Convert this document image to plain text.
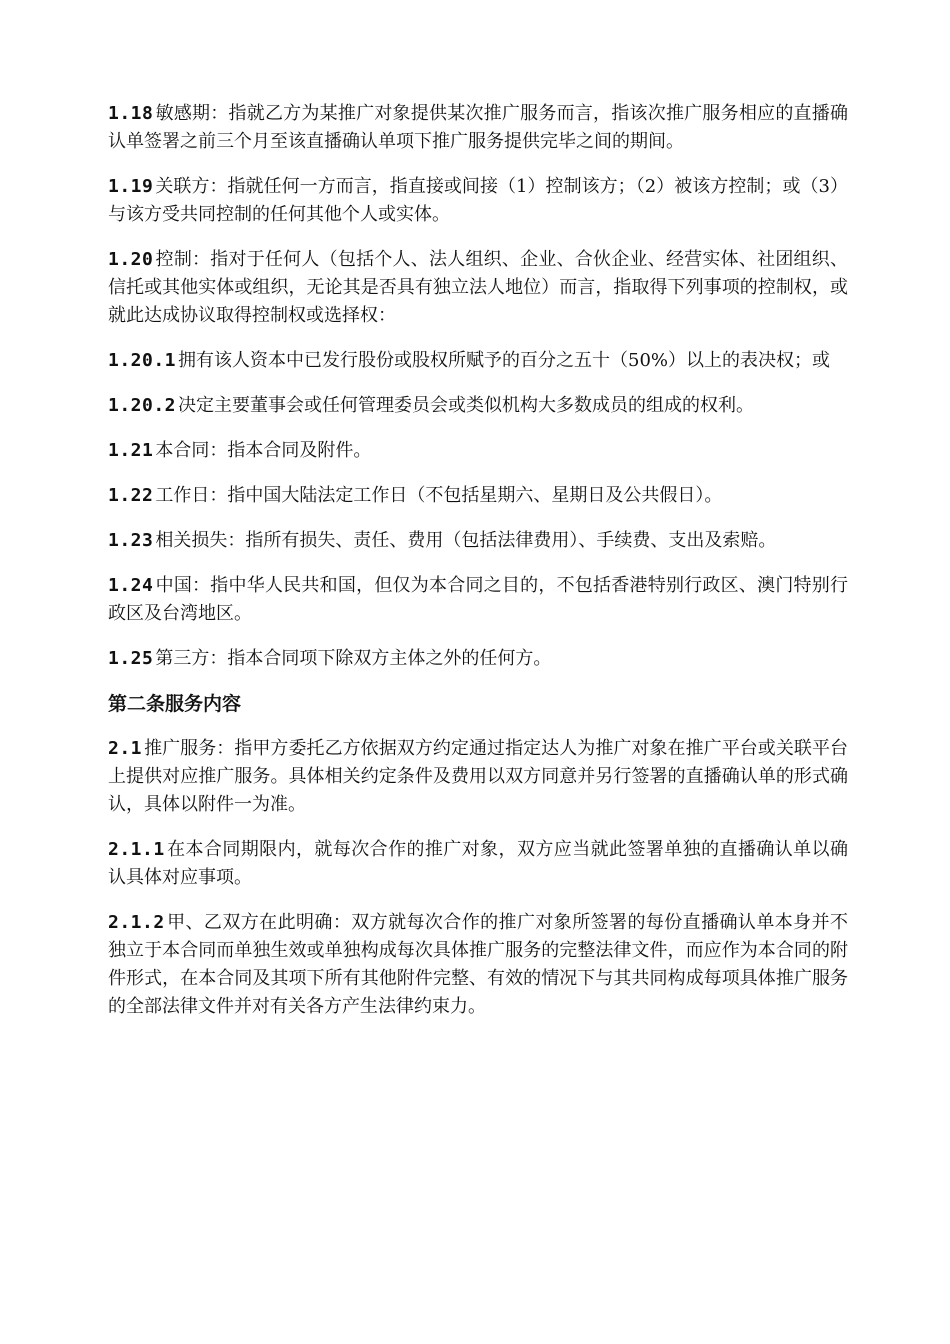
1.18 敏感期：指就乙方为某推广对象提供某次推广服务而言，指该次推广服务相应的直播确认单签署之前三个月至该直播确认单项下推广服务提供完毕之间的期间。

1.19 关联方：指就任何一方而言，指直接或间接（1）控制该方；（2）被该方控制；或（3）与该方受共同控制的任何其他个人或实体。

1.20 控制：指对于任何人（包括个人、法人组织、企业、合伙企业、经营实体、社团组织、信托或其他实体或组织，无论其是否具有独立法人地位）而言，指取得下列事项的控制权，或就此达成协议取得控制权或选择权：

1.20.1 拥有该人资本中已发行股份或股权所赋予的百分之五十（50%）以上的表决权；或

1.20.2 决定主要董事会或任何管理委员会或类似机构大多数成员的组成的权利。

1.21 本合同：指本合同及附件。

1.22 工作日：指中国大陆法定工作日（不包括星期六、星期日及公共假日）。

1.23 相关损失：指所有损失、责任、费用（包括法律费用）、手续费、支出及索赔。

1.24 中国：指中华人民共和国，但仅为本合同之目的，不包括香港特别行政区、澳门特别行政区及台湾地区。

1.25 第三方：指本合同项下除双方主体之外的任何方。

第二条服务内容

2.1 推广服务：指甲方委托乙方依据双方约定通过指定达人为推广对象在推广平台或关联平台上提供对应推广服务。具体相关约定条件及费用以双方同意并另行签署的直播确认单的形式确认，具体以附件一为准。

2.1.1 在本合同期限内，就每次合作的推广对象，双方应当就此签署单独的直播确认单以确认具体对应事项。

2.1.2 甲、乙双方在此明确：双方就每次合作的推广对象所签署的每份直播确认单本身并不独立于本合同而单独生效或单独构成每次具体推广服务的完整法律文件，而应作为本合同的附件形式，在本合同及其项下所有其他附件完整、有效的情况下与其共同构成每项具体推广服务的全部法律文件并对有关各方产生法律约束力。
